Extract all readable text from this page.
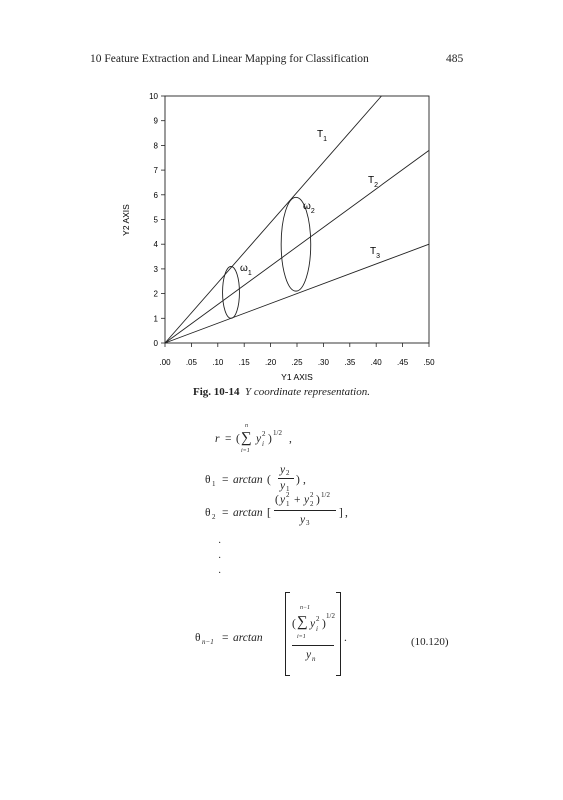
10 Feature Extraction and Linear Mapping for Classification	485
0
1
2
3
4
5
6
7
8
9
10
.00 .05 .10 .15 .20 .25 .30 .35 .40 .45 .50
Y1 AXIS
Y2 AXIS
$T_1$
$T_2$
$T_3$
$\omega_1$
$\omega_2$
Fig. 10-14 Y coordinate representation.
r = ( ∑
n
i=1
y 2
i ) 1/2 ,
θ 1 = arctan (
y 2
y 1
) ,
θ 2 = arctan [
( y 2
1 + y 2
2 ) 1/2
y 3
] ,
·
·
·
θ n−1 = arctan
n−1
( ∑
i=1
y 2
i )
1/2
y n
.	(10.120)
